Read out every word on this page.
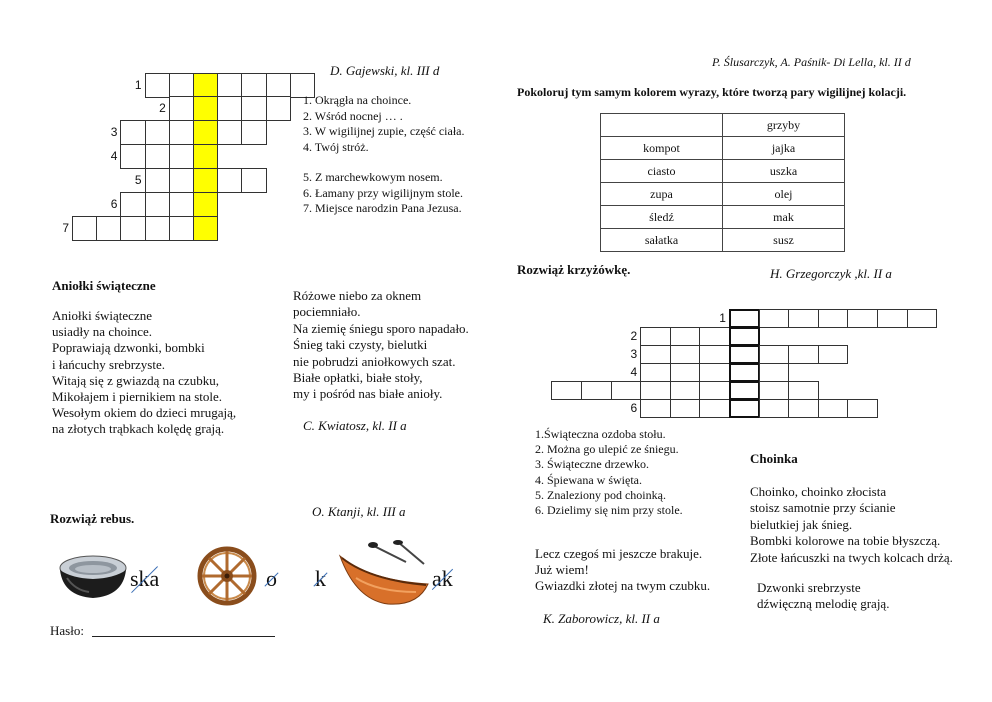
1
2
3
4
5
6
7
D. Gajewski, kl. III d
1. Okrągła na choince.
2. Wśród nocnej … .
3. W wigilijnej zupie, część ciała.
4. Twój stróż.
5. Z marchewkowym nosem.
6. Łamany przy wigilijnym stole.
7. Miejsce narodzin Pana Jezusa.
Aniołki świąteczne
Aniołki świąteczne
usiadły na choince.
Poprawiają dzwonki, bombki
i łańcuchy srebrzyste.
Witają się z gwiazdą na czubku,
Mikołajem i piernikiem na stole.
Wesołym okiem do dzieci mrugają,
na złotych trąbkach kolędę grają.
Różowe niebo za oknem
pociemniało.
Na ziemię śniegu sporo napadało.
Śnieg taki czysty, bielutki
nie pobrudzi aniołkowych szat.
Białe opłatki, białe stoły,
my i pośród nas białe anioły.
C. Kwiatosz, kl. II a
Rozwiąż rebus.	O. Ktanji, kl. III a
ska	o k	ak
Hasło:
P. Ślusarczyk, A. Paśnik- Di Lella, kl. II d
Pokoloruj tym samym kolorem wyrazy, które tworzą pary wigilijnej kolacji.
	grzyby
kompot	jajka
ciasto	uszka
zupa	olej
śledź	mak
sałatka	susz
Rozwiąż krzyżówkę.	H. Grzegorczyk ,kl. II a
1
2
3
4
6
1.Świąteczna ozdoba stołu.
2. Można go ulepić ze śniegu.
3. Świąteczne drzewko.
4. Śpiewana w święta.
5. Znaleziony pod choinką.
6. Dzielimy się nim przy stole.
Lecz czegoś mi jeszcze brakuje.
Już wiem!
Gwiazdki złotej na twym czubku.
K. Zaborowicz, kl. II a
Choinka
Choinko, choinko złocista
stoisz samotnie przy ścianie
bielutkiej jak śnieg.
Bombki kolorowe na tobie błyszczą.
Złote łańcuszki na twych kolcach drżą.
Dzwonki srebrzyste
dźwięczną melodię grają.
